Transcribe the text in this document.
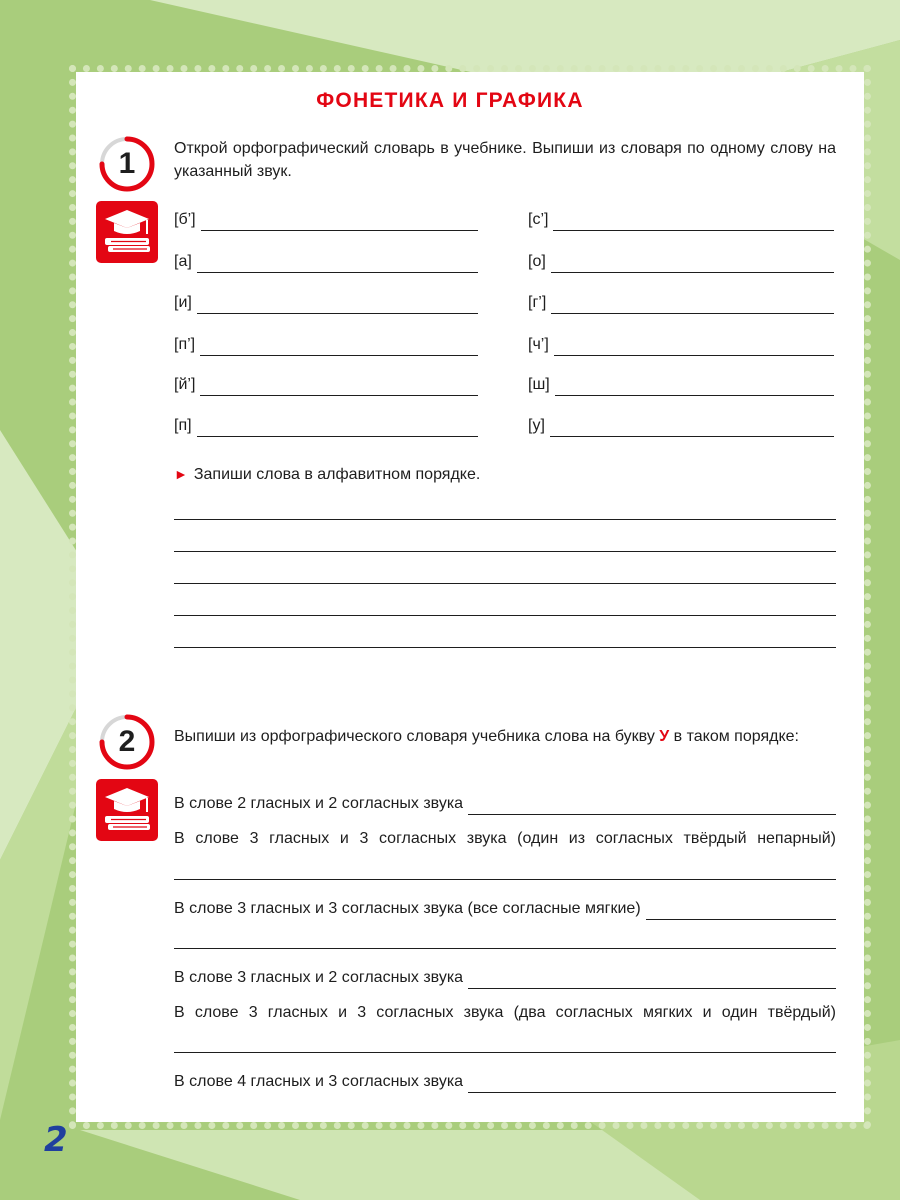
ФОНЕТИКА И ГРАФИКА
1	Открой орфографический словарь в учебнике. Выпиши из словаря по одному слову на указанный звук.
[б’]
[а]
[и]
[п’]
[й’]
[п]
[с’]
[о]
[г’]
[ч’]
[ш]
[у]
► Запиши слова в алфавитном порядке.
2	Выпиши из орфографического словаря учебника слова на букву У в таком порядке:
В слове 2 гласных и 2 согласных звука
В слове 3 гласных и 3 согласных звука (один из согласных твёрдый непарный)
В слове 3 гласных и 3 согласных звука (все согласные мягкие)
В слове 3 гласных и 2 согласных звука
В слове 3 гласных и 3 согласных звука (два согласных мягких и один твёрдый)
В слове 4 гласных и 3 согласных звука
2
